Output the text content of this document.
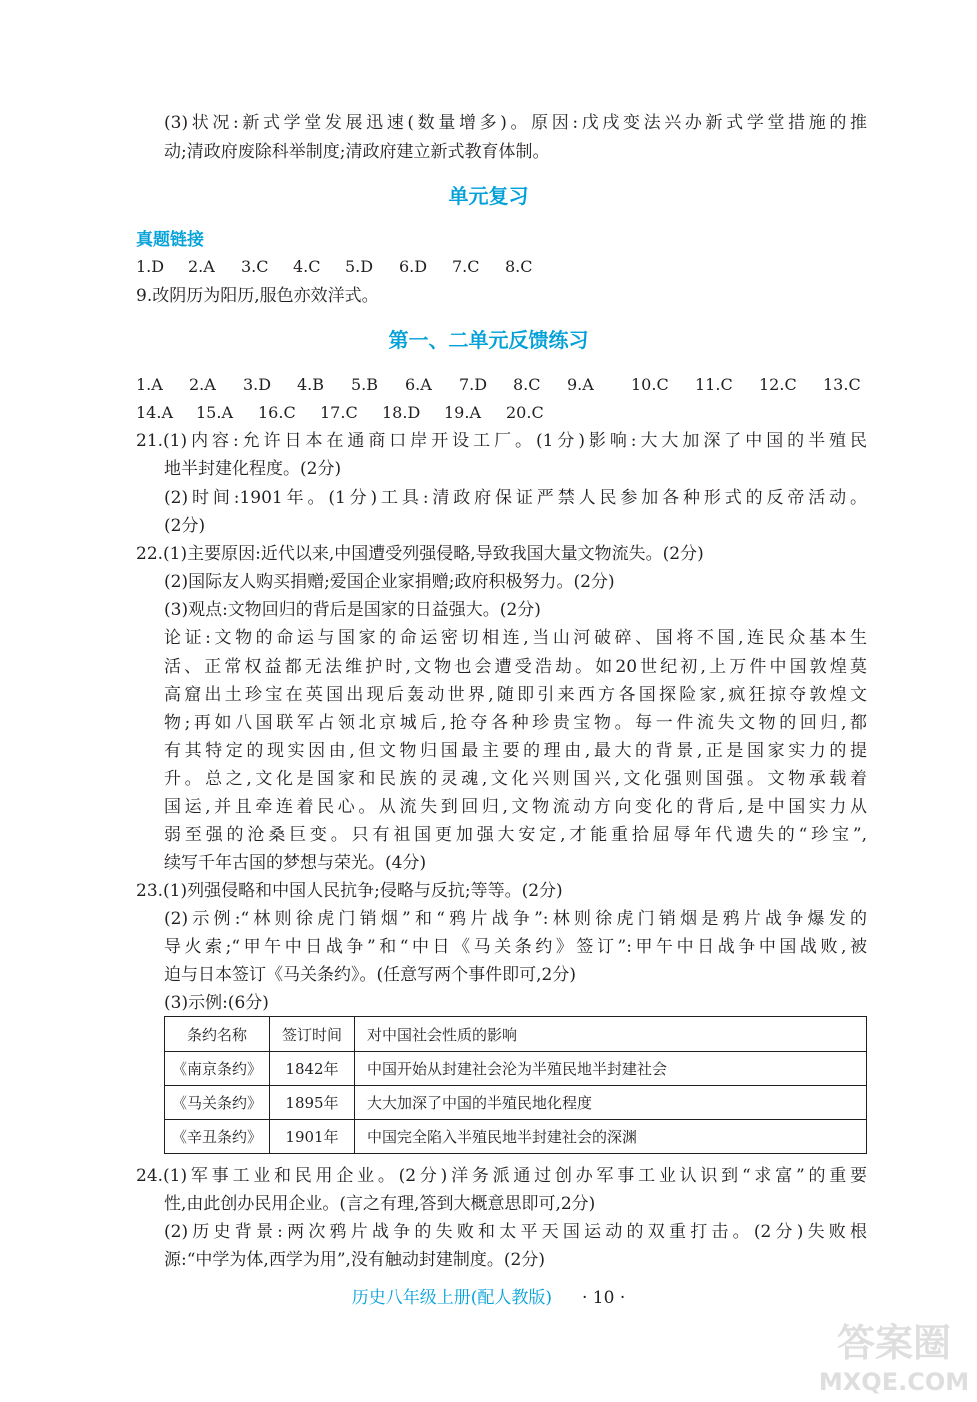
(3)状况:新式学堂发展迅速(数量增多)。原因:戊戌变法兴办新式学堂措施的推
动;清政府废除科举制度;清政府建立新式教育体制。
单元复习
真题链接
1.D 2.A 3.C 4.C 5.D 6.D 7.C 8.C
9.改阴历为阳历,服色亦效洋式。
第一、二单元反馈练习
1.A 2.A 3.D 4.B 5.B 6.A 7.D 8.C 9.A 10.C 11.C 12.C 13.C
14.A 15.A 16.C 17.C 18.D 19.A 20.C
21.(1)内容:允许日本在通商口岸开设工厂。(1分)影响:大大加深了中国的半殖民
地半封建化程度。(2分)
(2)时间:1901年。(1分)工具:清政府保证严禁人民参加各种形式的反帝活动。
(2分)
22.(1)主要原因:近代以来,中国遭受列强侵略,导致我国大量文物流失。(2分)
(2)国际友人购买捐赠;爱国企业家捐赠;政府积极努力。(2分)
(3)观点:文物回归的背后是国家的日益强大。(2分)
论证:文物的命运与国家的命运密切相连,当山河破碎、国将不国,连民众基本生
活、正常权益都无法维护时,文物也会遭受浩劫。如20世纪初,上万件中国敦煌莫
高窟出土珍宝在英国出现后轰动世界,随即引来西方各国探险家,疯狂掠夺敦煌文
物;再如八国联军占领北京城后,抢夺各种珍贵宝物。每一件流失文物的回归,都
有其特定的现实因由,但文物归国最主要的理由,最大的背景,正是国家实力的提
升。总之,文化是国家和民族的灵魂,文化兴则国兴,文化强则国强。文物承载着
国运,并且牵连着民心。从流失到回归,文物流动方向变化的背后,是中国实力从
弱至强的沧桑巨变。只有祖国更加强大安定,才能重拾屈辱年代遗失的“珍宝”,
续写千年古国的梦想与荣光。(4分)
23.(1)列强侵略和中国人民抗争;侵略与反抗;等等。(2分)
(2)示例:“林则徐虎门销烟”和“鸦片战争”:林则徐虎门销烟是鸦片战争爆发的
导火索;“甲午中日战争”和“中日《马关条约》签订”:甲午中日战争中国战败,被
迫与日本签订《马关条约》。(任意写两个事件即可,2分)
(3)示例:(6分)
条约名称	签订时间	对中国社会性质的影响
《南京条约》	1842年	中国开始从封建社会沦为半殖民地半封建社会
《马关条约》	1895年	大大加深了中国的半殖民地化程度
《辛丑条约》	1901年	中国完全陷入半殖民地半封建社会的深渊
24.(1)军事工业和民用企业。(2分)洋务派通过创办军事工业认识到“求富”的重要
性,由此创办民用企业。(言之有理,答到大概意思即可,2分)
(2)历史背景:两次鸦片战争的失败和太平天国运动的双重打击。(2分)失败根
源:“中学为体,西学为用”,没有触动封建制度。(2分)
历史八年级上册(配人教版) · 10 ·
答案圈
MXQE.COM
